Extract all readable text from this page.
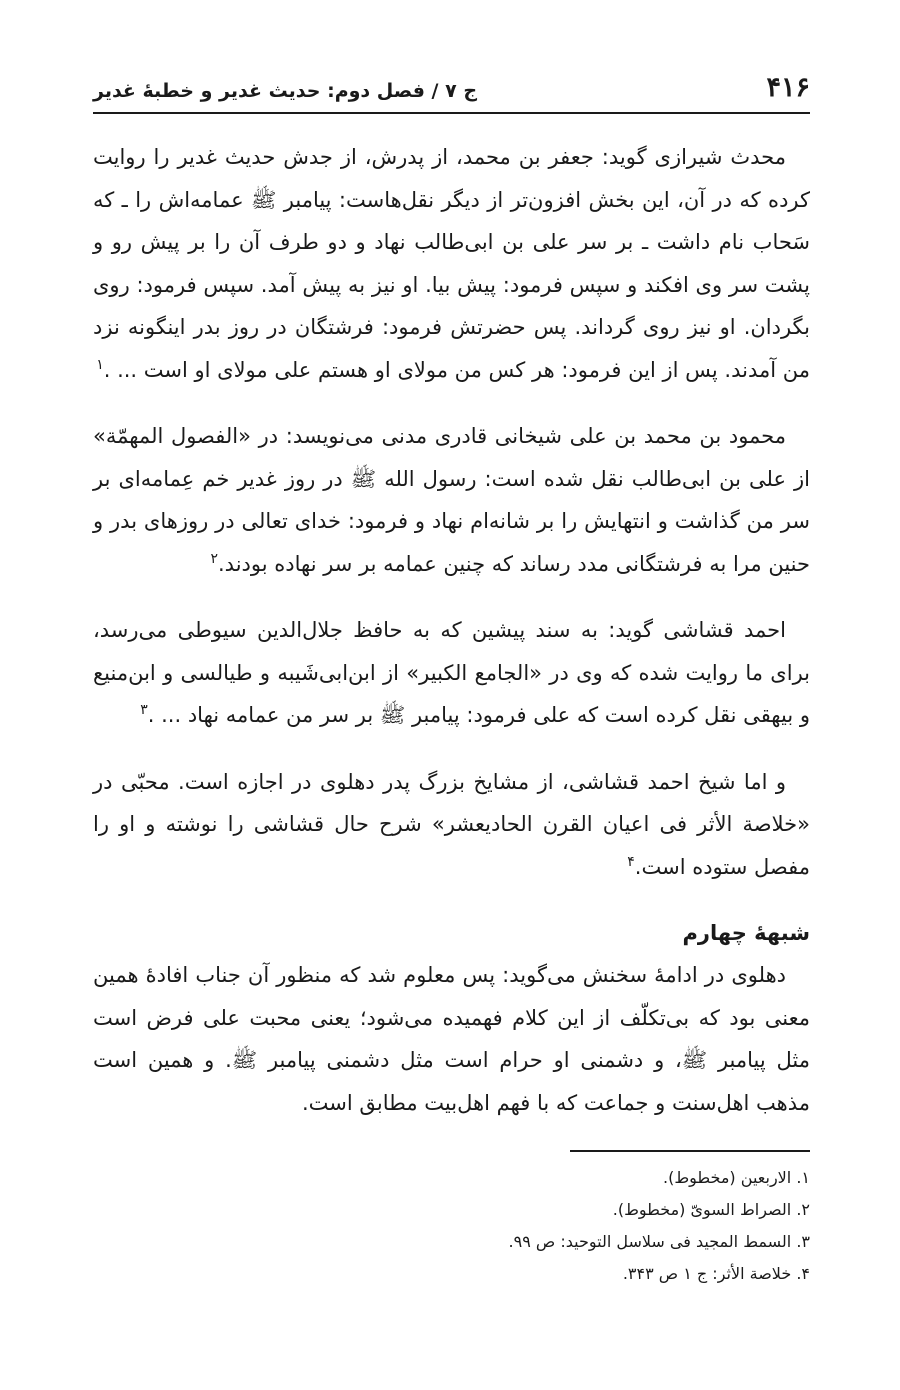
۴۱۶
ج ۷ / فصل دوم: حدیث غدیر و خطبهٔ غدیر

محدث شیرازی گوید: جعفر بن محمد، از پدرش، از جدش حدیث غدیر را روایت کرده که در آن، این بخش افزون‌تر از دیگر نقل‌هاست: پیامبر ﷺ عمامه‌اش را ـ که سَحاب نام داشت ـ بر سر علی بن ابی‌طالب نهاد و دو طرف آن را بر پیش رو و پشت سر وی افکند و سپس فرمود: پیش بیا. او نیز به پیش آمد. سپس فرمود: روی بگردان. او نیز روی گرداند. پس حضرتش فرمود: فرشتگان در روز بدر اینگونه نزد من آمدند. پس از این فرمود: هر کس من مولای او هستم علی مولای او است ... .$^۱$

محمود بن محمد بن علی شیخانی قادری مدنی می‌نویسد: در «الفصول المهمّة» از علی بن ابی‌طالب نقل شده است: رسول الله ﷺ در روز غدیر خم عِمامه‌ای بر سر من گذاشت و انتهایش را بر شانه‌ام نهاد و فرمود: خدای تعالی در روزهای بدر و حنین مرا به فرشتگانی مدد رساند که چنین عمامه بر سر نهاده بودند.$^۲$

احمد قشاشی گوید: به سند پیشین که به حافظ جلال‌الدین سیوطی می‌رسد، برای ما روایت شده که وی در «الجامع الکبیر» از ابن‌ابی‌شَیبه و طیالسی و ابن‌منیع و بیهقی نقل کرده است که علی فرمود: پیامبر ﷺ بر سر من عمامه نهاد ... .$^۳$

و اما شیخ احمد قشاشی، از مشایخ بزرگ پدر دهلوی در اجازه است. محبّی در «خلاصة الأثر فی اعیان القرن الحادیعشر» شرح حال قشاشی را نوشته و او را مفصل ستوده است.$^۴$

شبههٔ چهارم

دهلوی در ادامهٔ سخنش می‌گوید: پس معلوم شد که منظور آن جناب افادهٔ همین معنی بود که بی‌تکلّف از این کلام فهمیده می‌شود؛ یعنی محبت علی فرض است مثل پیامبر ﷺ، و دشمنی او حرام است مثل دشمنی پیامبر ﷺ. و همین است مذهب اهل‌سنت و جماعت که با فهم اهل‌بیت مطابق است.

۱. الاربعین (مخطوط).
۲. الصراط السویّ (مخطوط).
۳. السمط المجید فی سلاسل التوحید: ص ۹۹.
۴. خلاصة الأثر: ج ۱ ص ۳۴۳.
